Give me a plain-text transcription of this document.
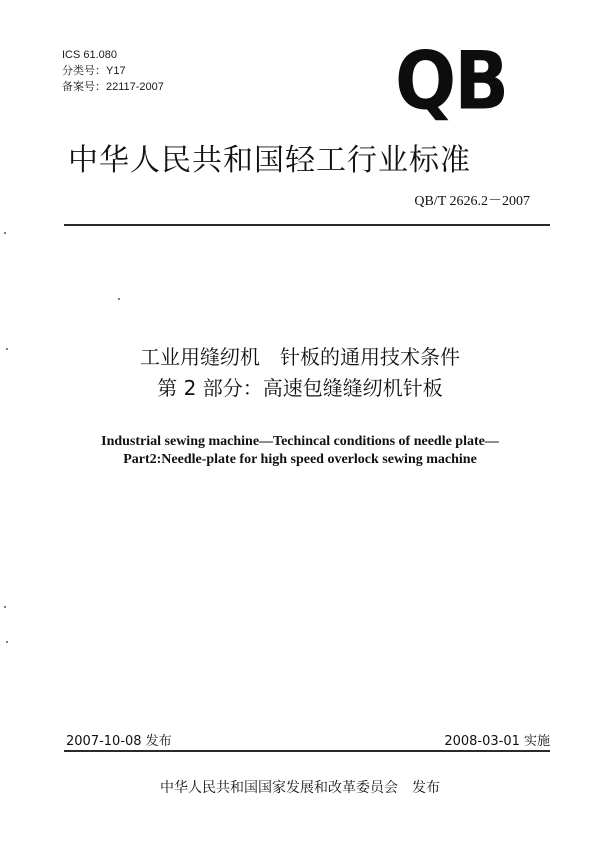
ICS 61.080
分类号：Y17
备案号：22117-2007	QB
中华人民共和国轻工行业标准
QB/T 2626.2－2007
工业用缝纫机　针板的通用技术条件
第 2 部分：高速包缝缝纫机针板
Industrial sewing machine—Techincal conditions of needle plate—
Part2:Needle-plate for high speed overlock sewing machine
2007-10-08 发布	2008-03-01 实施
中华人民共和国国家发展和改革委员会　发布
